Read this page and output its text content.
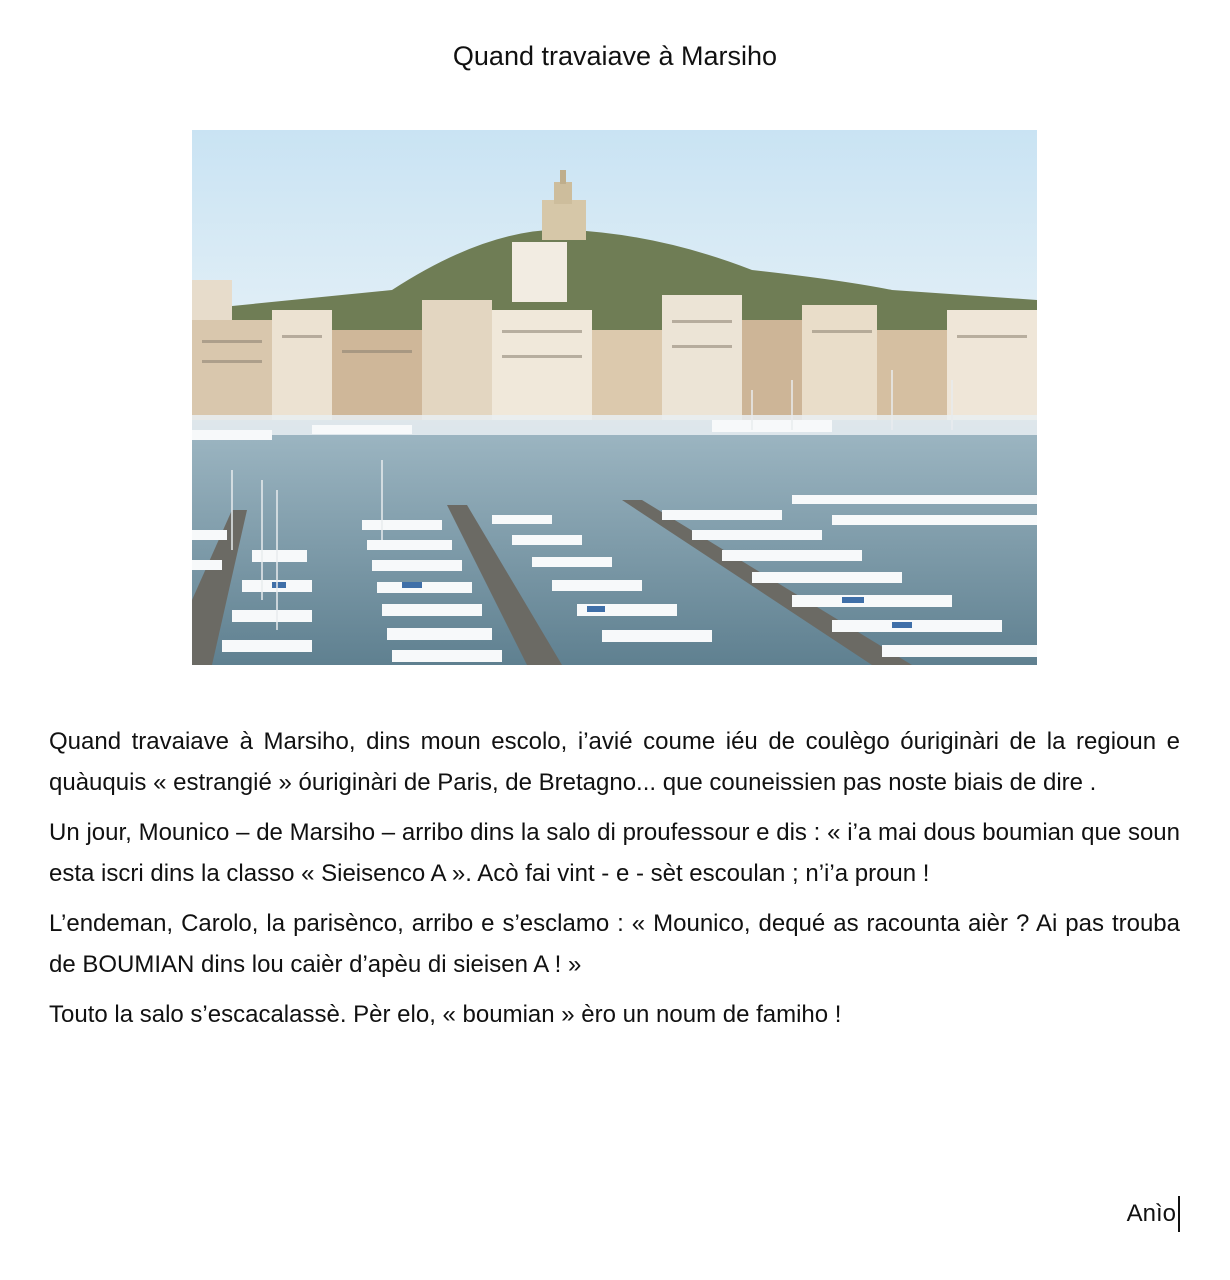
Quand travaiave à Marsiho

Quand travaiave à Marsiho, dins moun escolo, i’avié coume iéu de coulègo óuriginàri de la regioun e quàuquis « estrangié » óuriginàri de Paris, de Bretagno... que couneissien pas noste biais de dire .

Un jour, Mounico – de Marsiho – arribo dins la salo di proufessour e dis : « i’a mai dous boumian que soun esta iscri dins la classo « Sieisenco A ». Acò fai vint - e - sèt escoulan ; n’i’a proun !

L’endeman, Carolo, la parisènco, arribo e s’esclamo : « Mounico, dequé as racounta aièr ? Ai pas trouba de BOUMIAN dins lou caièr d’apèu di sieisen A ! »

Touto la salo s’escacalassè. Pèr elo, « boumian » èro un noum de famiho !

Anìo
